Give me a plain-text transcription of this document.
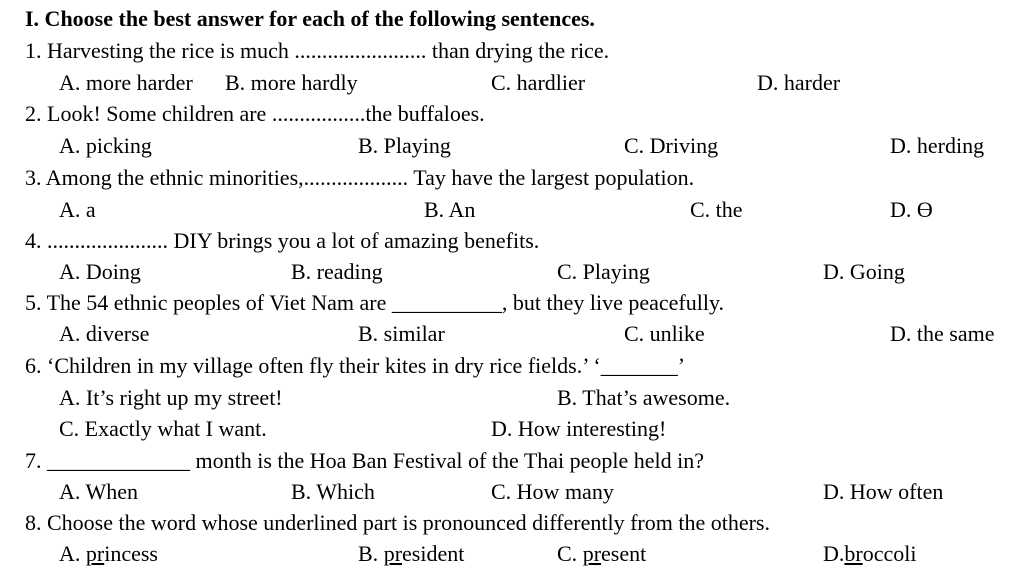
I. Choose the best answer for each of the following sentences.
1. Harvesting the rice is much ........................ than drying the rice.
A. more harder B. more hardly	C. hardlier	D. harder
2. Look! Some children are .................the buffaloes.
A. picking	B. Playing	C. Driving	D. herding
3. Among the ethnic minorities,................... Tay have the largest population.
A. a	B. An	C. the	D. ϴ
4. ...................... DIY brings you a lot of amazing benefits.
A. Doing	B. reading	C. Playing	D. Going
5. The 54 ethnic peoples of Viet Nam are __________, but they live peacefully.
A. diverse	B. similar	C. unlike	D. the same
6. ‘Children in my village often fly their kites in dry rice fields.’ ‘_______’
A. It’s right up my street!	B. That’s awesome.
C. Exactly what I want.	D. How interesting!
7. _____________ month is the Hoa Ban Festival of the Thai people held in?
A. When	B. Which	C. How many	D. How often
8. Choose the word whose underlined part is pronounced differently from the others.
A. princess	B. president	C. present	D.broccoli
